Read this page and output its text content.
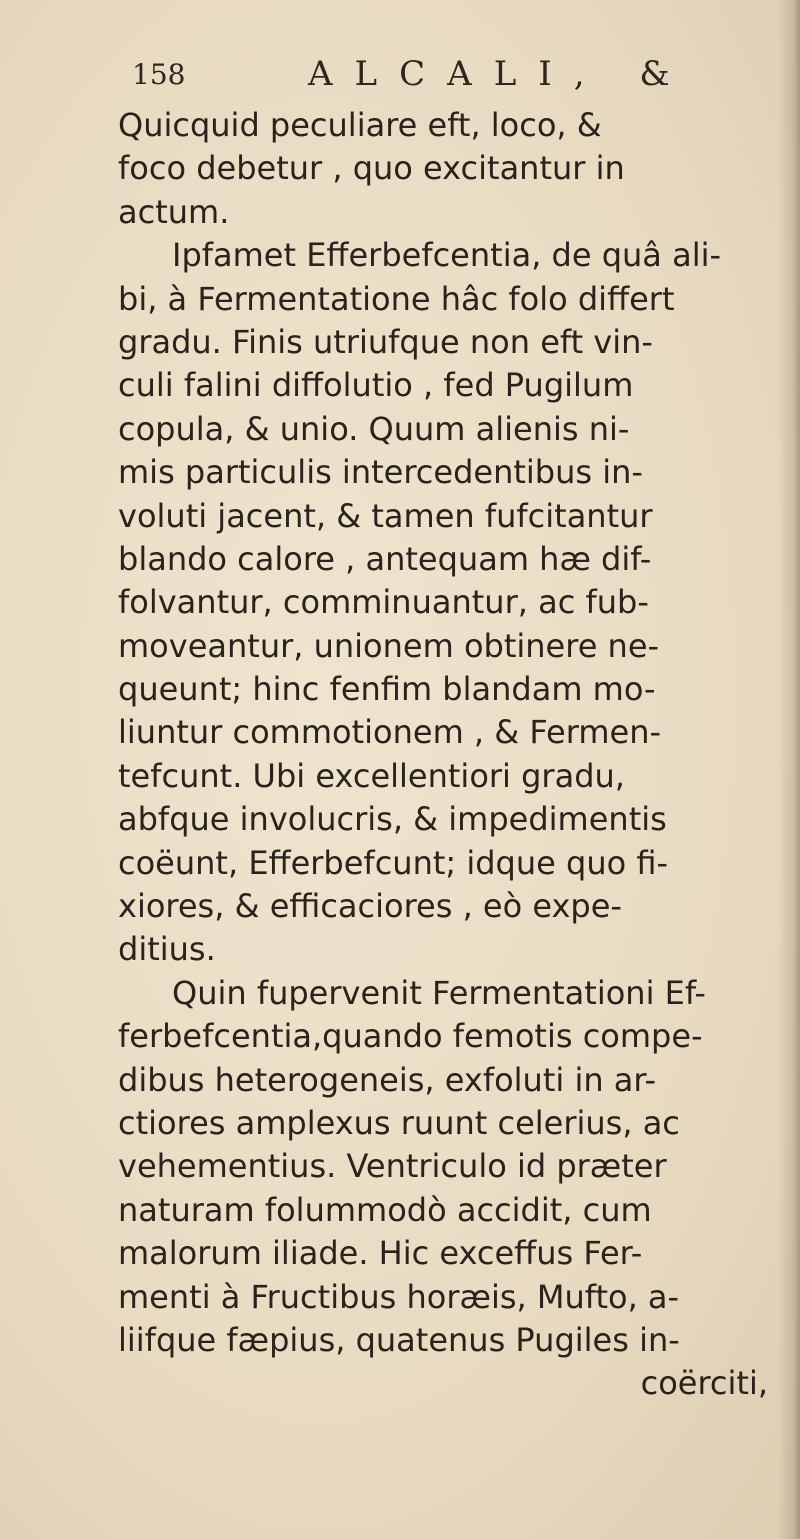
158	ALCALI, &
Quicquid peculiare eft, loco, &
foco debetur , quo excitantur in
actum.
Ipfamet Efferbefcentia, de quâ ali-
bi, à Fermentatione hâc folo differt
gradu. Finis utriufque non eft vin-
culi falini diffolutio , fed Pugilum
copula, & unio. Quum alienis ni-
mis particulis intercedentibus in-
voluti jacent, & tamen fufcitantur
blando calore , antequam hæ dif-
folvantur, comminuantur, ac fub-
moveantur, unionem obtinere ne-
queunt; hinc fenfim blandam mo-
liuntur commotionem , & Fermen-
tefcunt. Ubi excellentiori gradu,
abfque involucris, & impedimentis
coëunt, Efferbefcunt; idque quo fi-
xiores, & efficaciores , eò expe-
ditius.
Quin fupervenit Fermentationi Ef-
ferbefcentia,quando femotis compe-
dibus heterogeneis, exfoluti in ar-
ctiores amplexus ruunt celerius, ac
vehementius. Ventriculo id præter
naturam folummodò accidit, cum
malorum iliade. Hic exceffus Fer-
menti à Fructibus horæis, Mufto, a-
liifque fæpius, quatenus Pugiles in-
coërciti,
